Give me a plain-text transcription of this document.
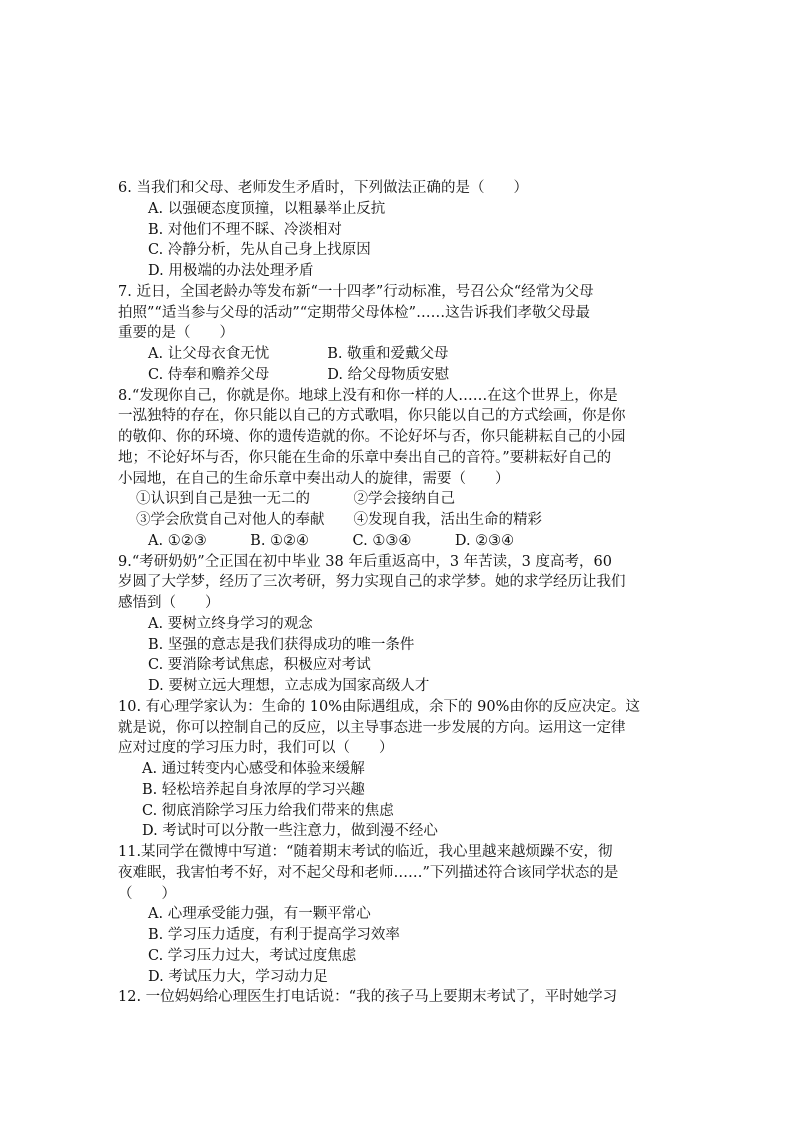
6. 当我们和父母、老师发生矛盾时，下列做法正确的是（　　）
A. 以强硬态度顶撞，以粗暴举止反抗
B. 对他们不理不睬、冷淡相对
C. 冷静分析，先从自己身上找原因
D. 用极端的办法处理矛盾
7. 近日，全国老龄办等发布新“一十四孝”行动标准，号召公众“经常为父母
拍照”“适当参与父母的活动”“定期带父母体检”……这告诉我们孝敬父母最
重要的是（　　）
A. 让父母衣食无忧　　　　B. 敬重和爱戴父母
C. 侍奉和赡养父母　　　　D. 给父母物质安慰
8.“发现你自己，你就是你。地球上没有和你一样的人……在这个世界上，你是
一泓独特的存在，你只能以自己的方式歌唱，你只能以自己的方式绘画，你是你
的敬仰、你的环境、你的遗传造就的你。不论好坏与否，你只能耕耘自己的小园
地；不论好坏与否，你只能在生命的乐章中奏出自己的音符。”要耕耘好自己的
小园地，在自己的生命乐章中奏出动人的旋律，需要（　　）
①认识到自己是独一无二的　　　②学会接纳自己
③学会欣赏自己对他人的奉献　　④发现自我，活出生命的精彩
A. ①②③　　　B. ①②④　　　C. ①③④　　　D. ②③④
9.“考研奶奶”仝正国在初中毕业 38 年后重返高中，3 年苦读，3 度高考，60
岁圆了大学梦，经历了三次考研，努力实现自己的求学梦。她的求学经历让我们
感悟到（　　）
A. 要树立终身学习的观念
B. 坚强的意志是我们获得成功的唯一条件
C. 要消除考试焦虑，积极应对考试
D. 要树立远大理想，立志成为国家高级人才
10. 有心理学家认为：生命的 10%由际遇组成，余下的 90%由你的反应决定。这
就是说，你可以控制自己的反应，以主导事态进一步发展的方向。运用这一定律
应对过度的学习压力时，我们可以（　　）
A. 通过转变内心感受和体验来缓解
B. 轻松培养起自身浓厚的学习兴趣
C. 彻底消除学习压力给我们带来的焦虑
D. 考试时可以分散一些注意力，做到漫不经心
11.某同学在微博中写道：“随着期末考试的临近，我心里越来越烦躁不安，彻
夜难眠，我害怕考不好，对不起父母和老师……”下列描述符合该同学状态的是
（　　）
A. 心理承受能力强，有一颗平常心
B. 学习压力适度，有利于提高学习效率
C. 学习压力过大，考试过度焦虑
D. 考试压力大，学习动力足
12. 一位妈妈给心理医生打电话说：“我的孩子马上要期末考试了，平时她学习
